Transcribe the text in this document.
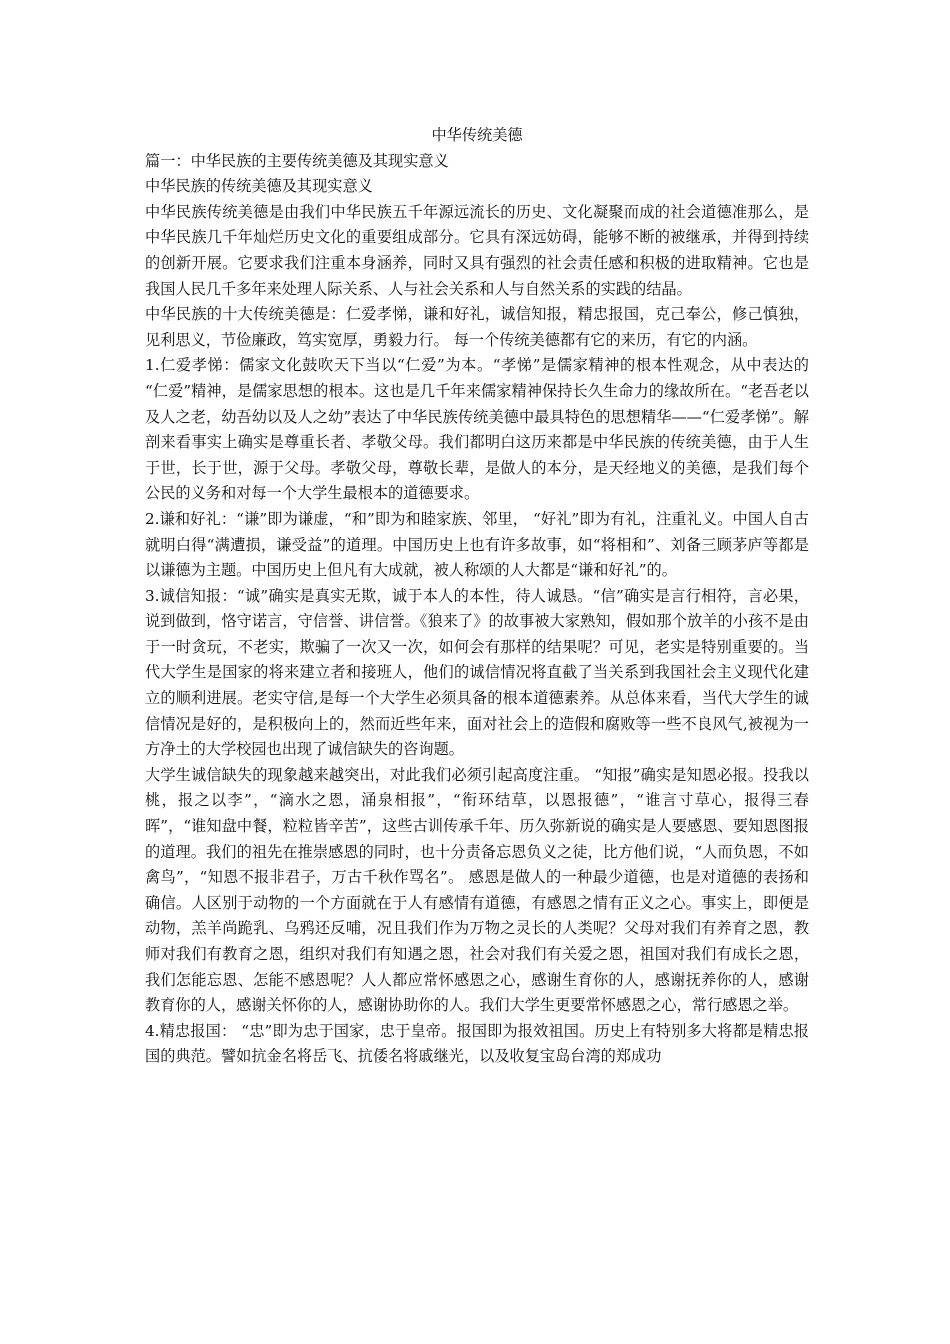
中华传统美德

篇一：中华民族的主要传统美德及其现实意义

中华民族的传统美德及其现实意义

中华民族传统美德是由我们中华民族五千年源远流长的历史、文化凝聚而成的社会道德准那么，是中华民族几千年灿烂历史文化的重要组成部分。它具有深远妨碍，能够不断的被继承，并得到持续的创新开展。它要求我们注重本身涵养，同时又具有强烈的社会责任感和积极的进取精神。它也是我国人民几千多年来处理人际关系、人与社会关系和人与自然关系的实践的结晶。

中华民族的十大传统美德是：仁爱孝悌，谦和好礼，诚信知报，精忠报国，克己奉公，修己慎独，见利思义，节俭廉政，笃实宽厚，勇毅力行。 每一个传统美德都有它的来历，有它的内涵。

1.仁爱孝悌：儒家文化鼓吹天下当以“仁爱”为本。“孝悌”是儒家精神的根本性观念，从中表达的 “仁爱”精神，是儒家思想的根本。这也是几千年来儒家精神保持长久生命力的缘故所在。“老吾老以及人之老，幼吾幼以及人之幼”表达了中华民族传统美德中最具特色的思想精华——“仁爱孝悌”。解剖来看事实上确实是尊重长者、孝敬父母。我们都明白这历来都是中华民族的传统美德，由于人生于世，长于世，源于父母。孝敬父母，尊敬长辈，是做人的本分，是天经地义的美德，是我们每个公民的义务和对每一个大学生最根本的道德要求。

2.谦和好礼：“谦”即为谦虚，“和”即为和睦家族、邻里， “好礼”即为有礼，注重礼义。中国人自古就明白得“满遭损，谦受益”的道理。中国历史上也有许多故事，如“将相和”、刘备三顾茅庐等都是以谦德为主题。中国历史上但凡有大成就，被人称颂的人大都是“谦和好礼”的。

3.诚信知报：“诚”确实是真实无欺，诚于本人的本性，待人诚恳。“信”确实是言行相符，言必果，说到做到，恪守诺言，守信誉、讲信誉。《狼来了》的故事被大家熟知，假如那个放羊的小孩不是由于一时贪玩，不老实，欺骗了一次又一次，如何会有那样的结果呢？可见，老实是特别重要的。当代大学生是国家的将来建立者和接班人，他们的诚信情况将直截了当关系到我国社会主义现代化建立的顺利进展。老实守信,是每一个大学生必须具备的根本道德素养。从总体来看，当代大学生的诚信情况是好的，是积极向上的，然而近些年来，面对社会上的造假和腐败等一些不良风气,被视为一方净土的大学校园也出现了诚信缺失的咨询题。

大学生诚信缺失的现象越来越突出，对此我们必须引起高度注重。 “知报”确实是知恩必报。投我以桃，报之以李”，“滴水之恩，涌泉相报”，“衔环结草，以恩报德”，“谁言寸草心，报得三春晖”，“谁知盘中餐，粒粒皆辛苦”，这些古训传承千年、历久弥新说的确实是人要感恩、要知恩图报的道理。我们的祖先在推崇感恩的同时，也十分责备忘恩负义之徒，比方他们说，“人而负恩，不如禽鸟”，“知恩不报非君子，万古千秋作骂名”。 感恩是做人的一种最少道德，也是对道德的表扬和确信。人区别于动物的一个方面就在于人有感情有道德，有感恩之情有正义之心。事实上，即便是动物，羔羊尚跪乳、乌鸦还反哺，况且我们作为万物之灵长的人类呢？父母对我们有养育之恩，教师对我们有教育之恩，组织对我们有知遇之恩，社会对我们有关爱之恩，祖国对我们有成长之恩，我们怎能忘恩、怎能不感恩呢？人人都应常怀感恩之心，感谢生育你的人，感谢抚养你的人，感谢教育你的人，感谢关怀你的人，感谢协助你的人。我们大学生更要常怀感恩之心，常行感恩之举。

4.精忠报国： “忠”即为忠于国家，忠于皇帝。报国即为报效祖国。历史上有特别多大将都是精忠报国的典范。譬如抗金名将岳飞、抗倭名将戚继光，以及收复宝岛台湾的郑成功
